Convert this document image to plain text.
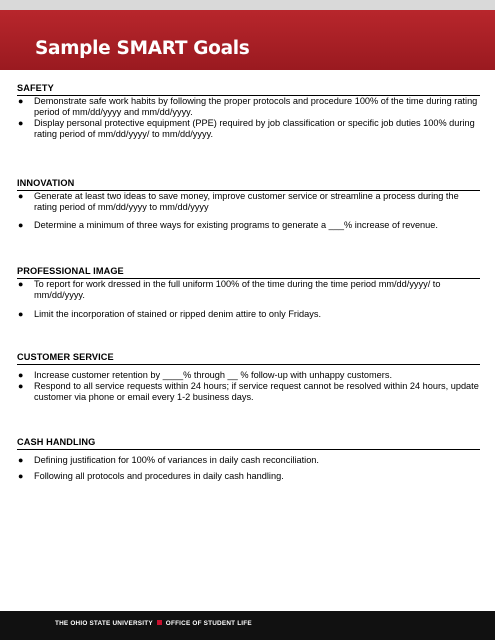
Sample SMART Goals
SAFETY
● Demonstrate safe work habits by following the proper protocols and procedure 100% of the time during rating period of mm/dd/yyyy and mm/dd/yyyy.
● Display personal protective equipment (PPE) required by job classification or specific job duties 100% during rating period of mm/dd/yyyy/ to mm/dd/yyyy.
INNOVATION
● Generate at least two ideas to save money, improve customer service or streamline a process during the rating period of mm/dd/yyyy to mm/dd/yyyy
● Determine a minimum of three ways for existing programs to generate a ___% increase of revenue.
PROFESSIONAL IMAGE
● To report for work dressed in the full uniform 100% of the time during the time period mm/dd/yyyy/ to mm/dd/yyyy.
● Limit the incorporation of stained or ripped denim attire to only Fridays.
CUSTOMER SERVICE
● Increase customer retention by ____% through __ % follow-up with unhappy customers.
● Respond to all service requests within 24 hours; if service request cannot be resolved within 24 hours, update customer via phone or email every 1-2 business days.
CASH HANDLING
● Defining justification for 100% of variances in daily cash reconciliation.
● Following all protocols and procedures in daily cash handling.
THE OHIO STATE UNIVERSITY OFFICE OF STUDENT LIFE
